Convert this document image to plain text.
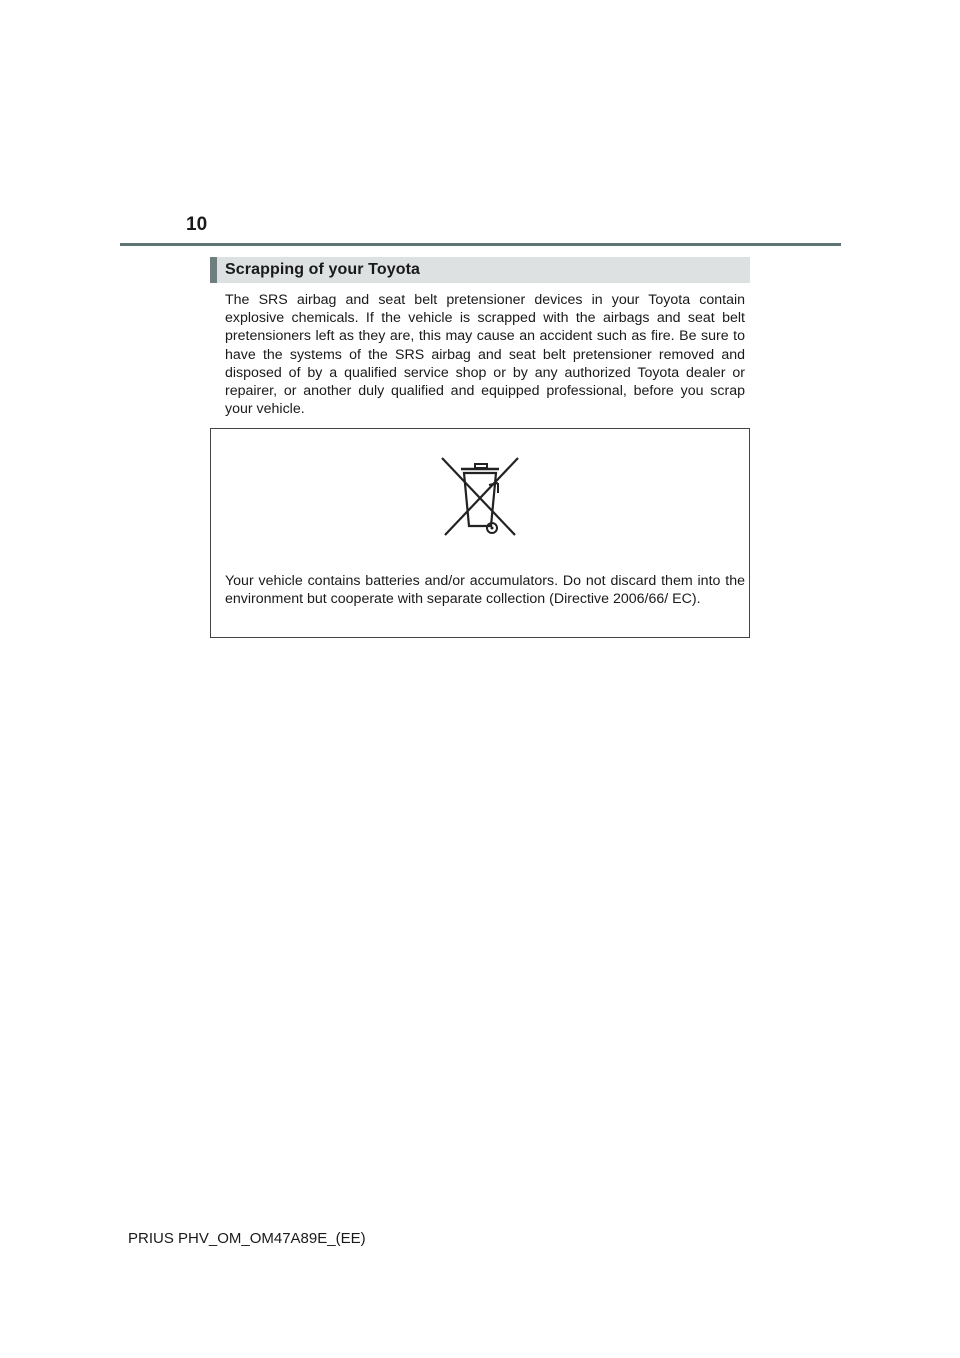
10
Scrapping of your Toyota

The SRS airbag and seat belt pretensioner devices in your Toyota contain explosive chemicals. If the vehicle is scrapped with the airbags and seat belt pretensioners left as they are, this may cause an accident such as fire. Be sure to have the systems of the SRS airbag and seat belt pretensioner removed and disposed of by a qualified service shop or by any authorized Toyota dealer or repairer, or another duly qualified and equipped professional, before you scrap your vehicle.

Your vehicle contains batteries and/or accumulators. Do not discard them into the environment but cooperate with separate collection (Directive 2006/66/ EC).

PRIUS PHV_OM_OM47A89E_(EE)
